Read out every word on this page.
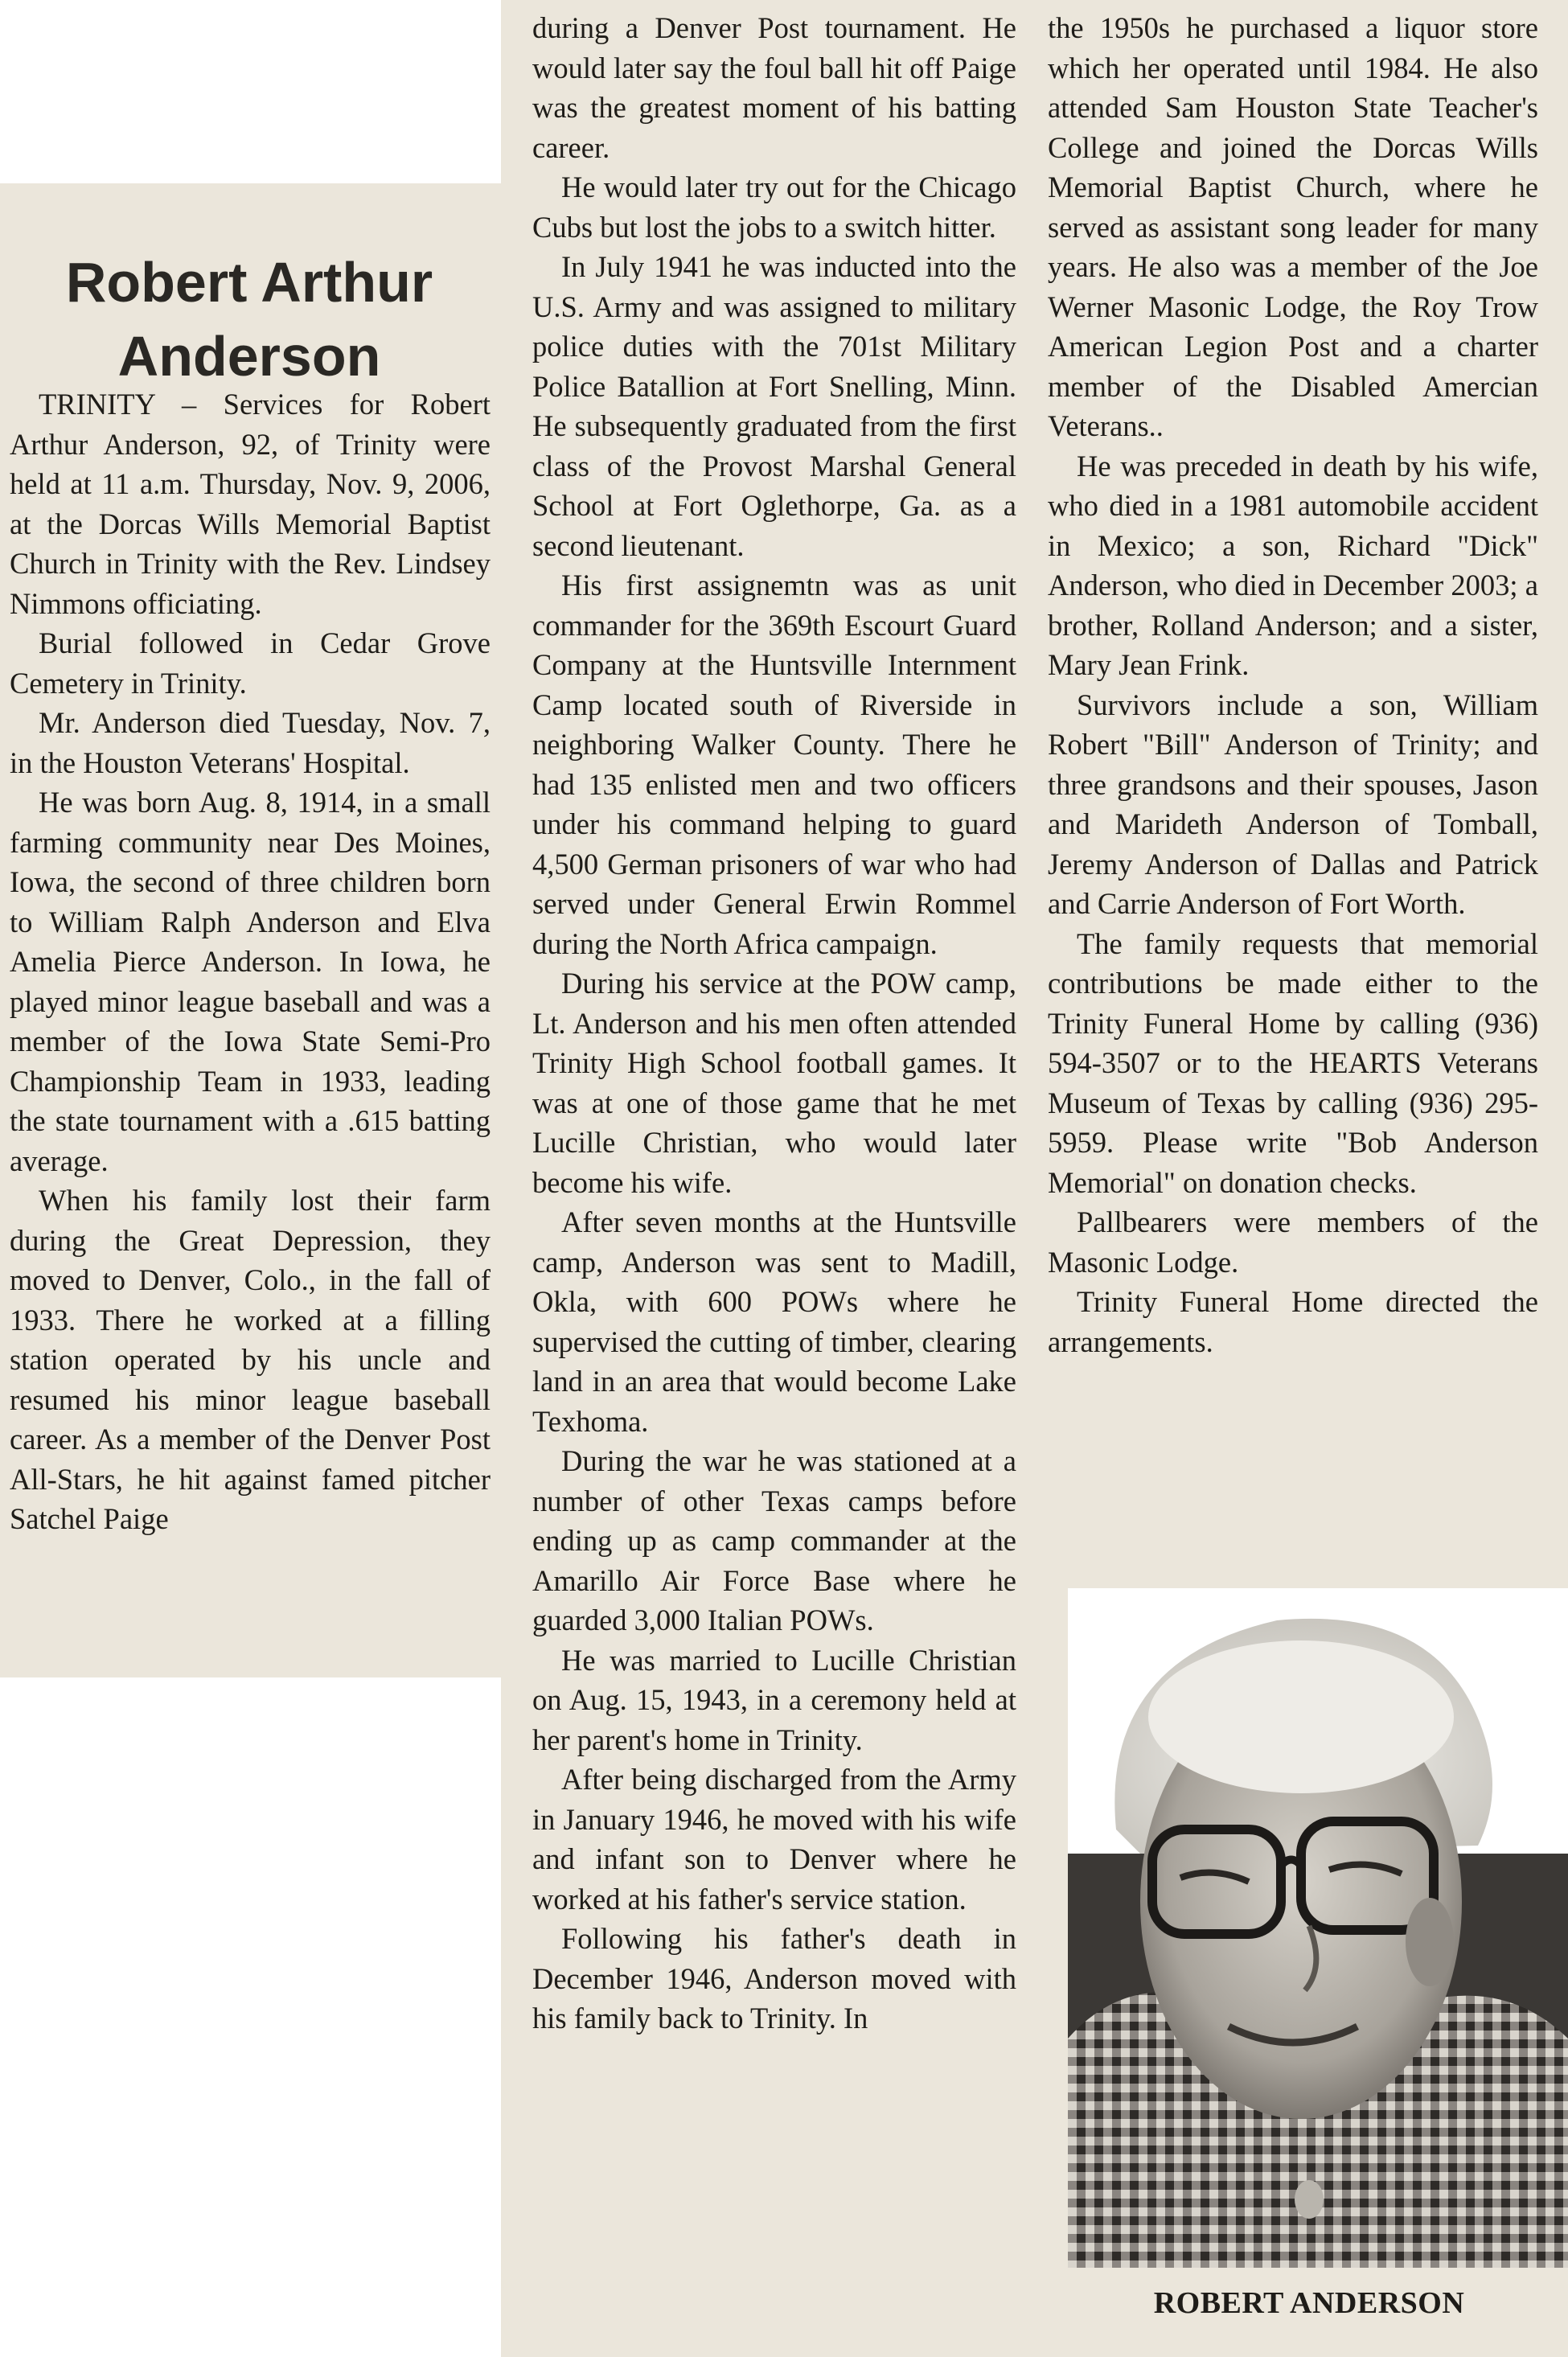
Robert Arthur Anderson

TRINITY – Services for Robert Arthur Anderson, 92, of Trinity were held at 11 a.m. Thursday, Nov. 9, 2006, at the Dorcas Wills Memorial Baptist Church in Trinity with the Rev. Lindsey Nimmons officiating.

Burial followed in Cedar Grove Cemetery in Trinity.

Mr. Anderson died Tuesday, Nov. 7, in the Houston Veterans' Hospital.

He was born Aug. 8, 1914, in a small farming community near Des Moines, Iowa, the second of three children born to William Ralph Anderson and Elva Amelia Pierce Anderson. In Iowa, he played minor league baseball and was a member of the Iowa State Semi-Pro Championship Team in 1933, leading the state tournament with a .615 batting average.

When his family lost their farm during the Great Depression, they moved to Denver, Colo., in the fall of 1933. There he worked at a filling station operated by his uncle and resumed his minor league baseball career. As a member of the Denver Post All-Stars, he hit against famed pitcher Satchel Paige

during a Denver Post tournament. He would later say the foul ball hit off Paige was the greatest moment of his batting career.

He would later try out for the Chicago Cubs but lost the jobs to a switch hitter.

In July 1941 he was inducted into the U.S. Army and was assigned to military police duties with the 701st Military Police Batallion at Fort Snelling, Minn. He subsequently graduated from the first class of the Provost Marshal General School at Fort Oglethorpe, Ga. as a second lieutenant.

His first assignemtn was as unit commander for the 369th Escourt Guard Company at the Huntsville Internment Camp located south of Riverside in neighboring Walker County. There he had 135 enlisted men and two officers under his command helping to guard 4,500 German prisoners of war who had served under General Erwin Rommel during the North Africa campaign.

During his service at the POW camp, Lt. Anderson and his men often attended Trinity High School football games. It was at one of those game that he met Lucille Christian, who would later become his wife.

After seven months at the Huntsville camp, Anderson was sent to Madill, Okla, with 600 POWs where he supervised the cutting of timber, clearing land in an area that would become Lake Texhoma.

During the war he was stationed at a number of other Texas camps before ending up as camp commander at the Amarillo Air Force Base where he guarded 3,000 Italian POWs.

He was married to Lucille Christian on Aug. 15, 1943, in a ceremony held at her parent's home in Trinity.

After being discharged from the Army in January 1946, he moved with his wife and infant son to Denver where he worked at his father's service station.

Following his father's death in December 1946, Anderson moved with his family back to Trinity. In

the 1950s he purchased a liquor store which her operated until 1984. He also attended Sam Houston State Teacher's College and joined the Dorcas Wills Memorial Baptist Church, where he served as assistant song leader for many years. He also was a member of the Joe Werner Masonic Lodge, the Roy Trow American Legion Post and a charter member of the Disabled Amercian Veterans..

He was preceded in death by his wife, who died in a 1981 automobile accident in Mexico; a son, Richard "Dick" Anderson, who died in December 2003; a brother, Rolland Anderson; and a sister, Mary Jean Frink.

Survivors include a son, William Robert "Bill" Anderson of Trinity; and three grandsons and their spouses, Jason and Marideth Anderson of Tomball, Jeremy Anderson of Dallas and Patrick and Carrie Anderson of Fort Worth.

The family requests that memorial contributions be made either to the Trinity Funeral Home by calling (936) 594-3507 or to the HEARTS Veterans Museum of Texas by calling (936) 295-5959. Please write "Bob Anderson Memorial" on donation checks.

Pallbearers were members of the Masonic Lodge.

Trinity Funeral Home directed the arrangements.

ROBERT ANDERSON
